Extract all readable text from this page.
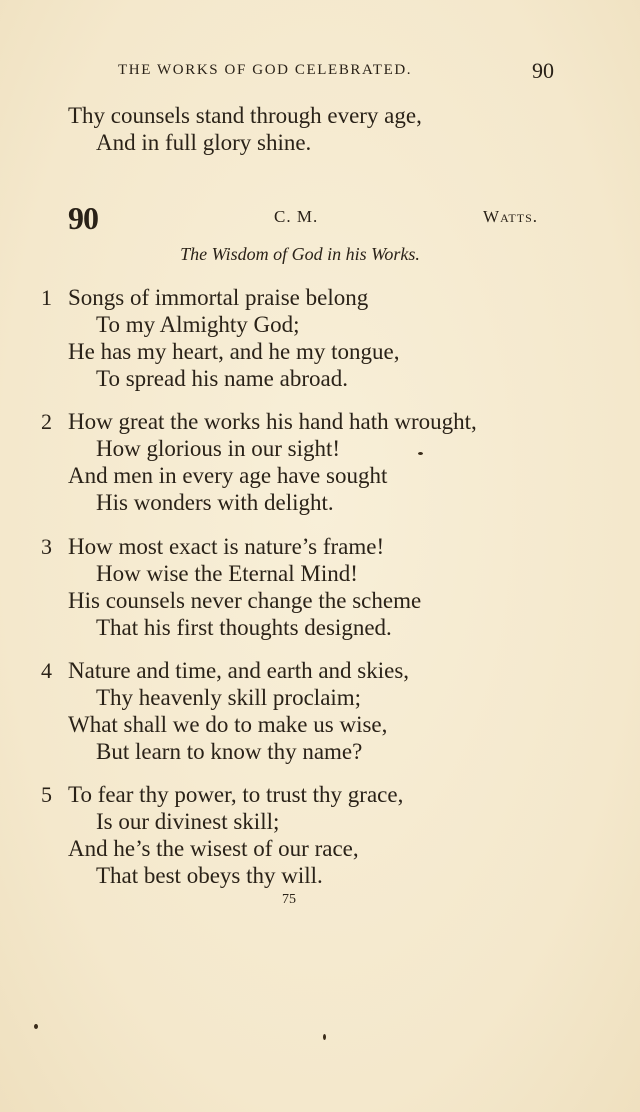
THE WORKS OF GOD CELEBRATED.	90
Thy counsels stand through every age,
And in full glory shine.
90	C. M.	Watts.
The Wisdom of God in his Works.
1 Songs of immortal praise belong
To my Almighty God;
He has my heart, and he my tongue,
To spread his name abroad.
2 How great the works his hand hath wrought,
How glorious in our sight!
And men in every age have sought
His wonders with delight.
3 How most exact is nature’s frame!
How wise the Eternal Mind!
His counsels never change the scheme
That his first thoughts designed.
4 Nature and time, and earth and skies,
Thy heavenly skill proclaim;
What shall we do to make us wise,
But learn to know thy name?
5 To fear thy power, to trust thy grace,
Is our divinest skill;
And he’s the wisest of our race,
That best obeys thy will.
75
